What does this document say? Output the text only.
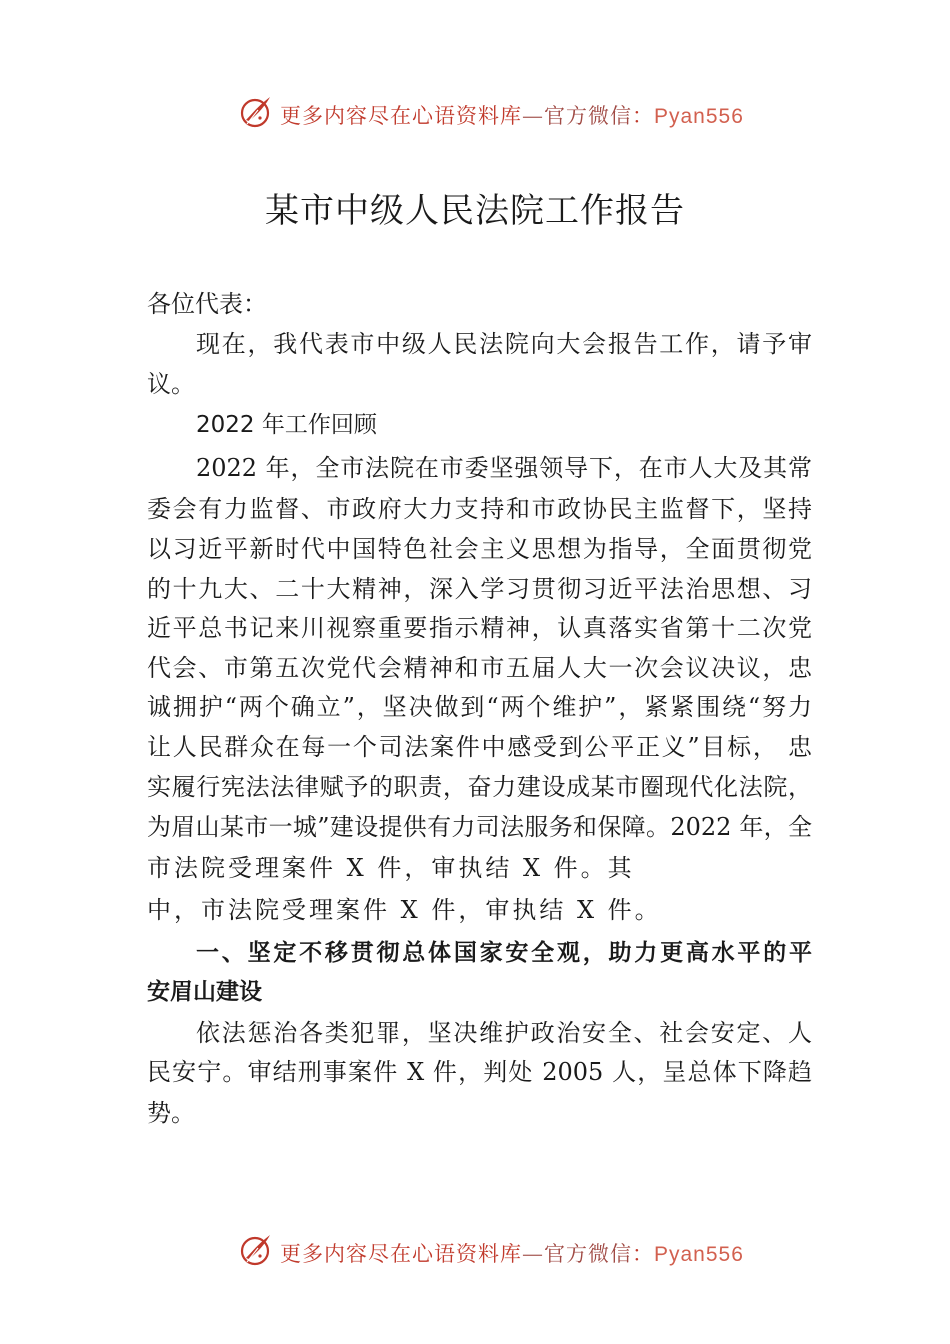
更多内容尽在心语资料库—官方微信：Pyan556
某市中级人民法院工作报告
各位代表：
现在，我代表市中级人民法院向大会报告工作，请予审
议。
2022 年工作回顾
2022 年，全市法院在市委坚强领导下，在市人大及其常
委会有力监督、市政府大力支持和市政协民主监督下，坚持
以习近平新时代中国特色社会主义思想为指导，全面贯彻党
的十九大、二十大精神，深入学习贯彻习近平法治思想、习
近平总书记来川视察重要指示精神，认真落实省第十二次党
代会、市第五次党代会精神和市五届人大一次会议决议，忠
诚拥护“两个确立”，坚决做到“两个维护”，紧紧围绕“努力
让人民群众在每一个司法案件中感受到公平正义”目标， 忠
实履行宪法法律赋予的职责，奋力建设成某市圈现代化法院，
为眉山某市一城”建设提供有力司法服务和保障。2022 年，全
市法院受理案件 X 件，审执结 X 件。其
中，市法院受理案件 X 件，审执结 X 件。
一、坚定不移贯彻总体国家安全观，助力更高水平的平
安眉山建设
依法惩治各类犯罪，坚决维护政治安全、社会安定、人
民安宁。审结刑事案件 X 件，判处 2005 人，呈总体下降趋
势。
更多内容尽在心语资料库—官方微信：Pyan556
